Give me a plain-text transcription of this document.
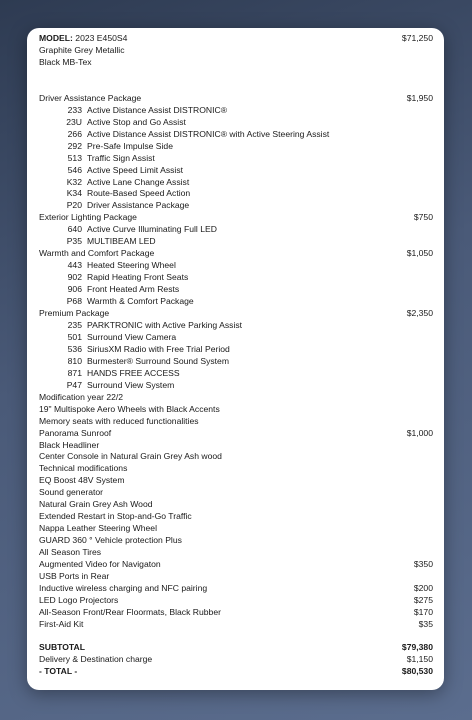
MODEL: 2023 E450S4	$71,250
Graphite Grey Metallic
Black MB-Tex
Driver Assistance Package	$1,950
233 Active Distance Assist DISTRONIC®
23U Active Stop and Go Assist
266 Active Distance Assist DISTRONIC® with Active Steering Assist
292 Pre-Safe Impulse Side
513 Traffic Sign Assist
546 Active Speed Limit Assist
K32 Active Lane Change Assist
K34 Route-Based Speed Action
P20 Driver Assistance Package
Exterior Lighting Package	$750
640 Active Curve Illuminating Full LED
P35 MULTIBEAM LED
Warmth and Comfort Package	$1,050
443 Heated Steering Wheel
902 Rapid Heating Front Seats
906 Front Heated Arm Rests
P68 Warmth & Comfort Package
Premium Package	$2,350
235 PARKTRONIC with Active Parking Assist
501 Surround View Camera
536 SiriusXM Radio with Free Trial Period
810 Burmester® Surround Sound System
871 HANDS FREE ACCESS
P47 Surround View System
Modification year 22/2
19" Multispoke Aero Wheels with Black Accents
Memory seats with reduced functionalities
Panorama Sunroof	$1,000
Black Headliner
Center Console in Natural Grain Grey Ash wood
Technical modifications
EQ Boost 48V System
Sound generator
Natural Grain Grey Ash Wood
Extended Restart in Stop-and-Go Traffic
Nappa Leather Steering Wheel
GUARD 360 ° Vehicle protection Plus
All Season Tires
Augmented Video for Navigaton	$350
USB Ports in Rear
Inductive wireless charging and NFC pairing	$200
LED Logo Projectors	$275
All-Season Front/Rear Floormats, Black Rubber	$170
First-Aid Kit	$35
SUBTOTAL	$79,380
Delivery & Destination charge	$1,150
- TOTAL -	$80,530
